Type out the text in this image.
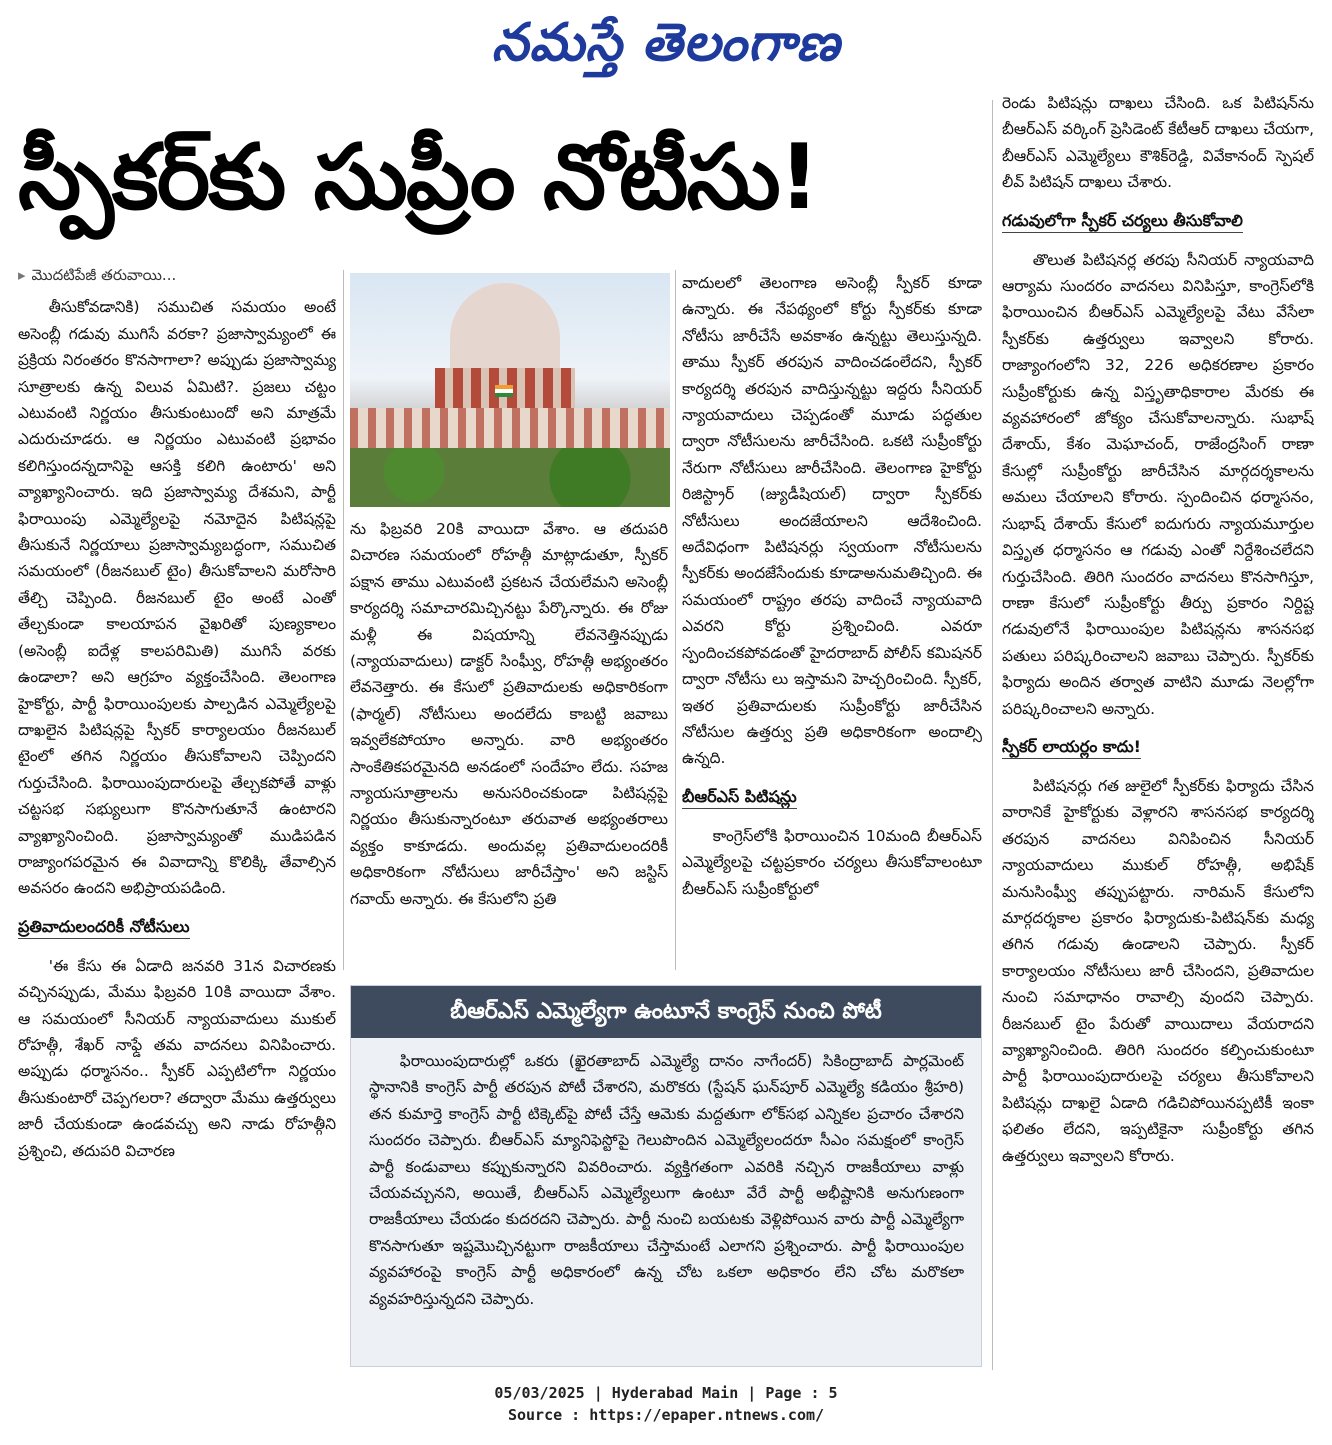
నమస్తే తెలంగాణ
స్పీకర్‌కు సుప్రీం నోటీసు!

▸ మొదటిపేజీ తరువాయి...

తీసుకోవడానికి) సముచిత సమయం అంటే అసెంబ్లీ గడువు ముగిసే వరకా? ప్రజాస్వామ్యంలో ఈ ప్రక్రియ నిరంతరం కొనసాగాలా? అప్పుడు ప్రజాస్వామ్య సూత్రాలకు ఉన్న విలువ ఏమిటి?. ప్రజలు చట్టం ఎటువంటి నిర్ణయం తీసుకుంటుందో అని మాత్రమే ఎదురుచూడరు. ఆ నిర్ణయం ఎటువంటి ప్రభావం కలిగిస్తుందన్నదానిపై ఆసక్తి కలిగి ఉంటారు' అని వ్యాఖ్యానించారు. ఇది ప్రజాస్వామ్య దేశమని, పార్టీ ఫిరాయింపు ఎమ్మెల్యేలపై నమోదైన పిటిషన్లపై తీసుకునే నిర్ణయాలు ప్రజాస్వామ్యబద్ధంగా, సముచిత సమయంలో (రీజనబుల్ టైం) తీసుకోవాలని మరోసారి తేల్చి చెప్పింది. రీజనబుల్ టైం అంటే ఎంతో తేల్చకుండా కాలయాపన వైఖరితో పుణ్యకాలం (అసెంబ్లీ ఐదేళ్ల కాలపరిమితి) ముగిసే వరకు ఉండాలా? అని ఆగ్రహం వ్యక్తంచేసింది. తెలంగాణ హైకోర్టు, పార్టీ ఫిరాయింపులకు పాల్పడిన ఎమ్మెల్యేలపై దాఖలైన పిటిషన్లపై స్పీకర్ కార్యాలయం రీజనబుల్ టైంలో తగిన నిర్ణయం తీసుకోవాలని చెప్పిందని గుర్తుచేసింది. ఫిరాయింపుదారులపై తేల్చకపోతే వాళ్లు చట్టసభ సభ్యులుగా కొనసాగుతూనే ఉంటారని వ్యాఖ్యానించింది. ప్రజాస్వామ్యంతో ముడిపడిన రాజ్యాంగపరమైన ఈ వివాదాన్ని కొలిక్కి తేవాల్సిన అవసరం ఉందని అభిప్రాయపడింది.

ప్రతివాదులందరికీ నోటీసులు

'ఈ కేసు ఈ ఏడాది జనవరి 31న విచారణకు వచ్చినప్పుడు, మేము ఫిబ్రవరి 10కి వాయిదా వేశాం. ఆ సమయంలో సీనియర్ న్యాయవాదులు ముకుల్ రోహత్గీ, శేఖర్ నాఫ్డే తమ వాదనలు వినిపించారు. అప్పుడు ధర్మాసనం.. స్పీకర్ ఎప్పటిలోగా నిర్ణయం తీసుకుంటారో చెప్పగలరా? తద్వారా మేము ఉత్తర్వులు జారీ చేయకుండా ఉండవచ్చు అని నాడు రోహత్గీని ప్రశ్నించి, తదుపరి విచారణ

ను ఫిబ్రవరి 20కి వాయిదా వేశాం. ఆ తదుపరి విచారణ సమయంలో రోహత్గీ మాట్లాడుతూ, స్పీకర్ పక్షాన తాము ఎటువంటి ప్రకటన చేయలేమని అసెంబ్లీ కార్యదర్శి సమాచారమిచ్చినట్టు పేర్కొన్నారు. ఈ రోజు మళ్లీ ఈ విషయాన్ని లేవనెత్తినప్పుడు (న్యాయవాదులు) డాక్టర్ సింఘ్వీ, రోహత్గీ అభ్యంతరం లేవనెత్తారు. ఈ కేసులో ప్రతివాదులకు అధికారికంగా (ఫార్మల్) నోటీసులు అందలేదు కాబట్టి జవాబు ఇవ్వలేకపోయాం అన్నారు. వారి అభ్యంతరం సాంకేతికపరమైనది అనడంలో సందేహం లేదు. సహజ న్యాయసూత్రాలను అనుసరించకుండా పిటిషన్లపై నిర్ణయం తీసుకున్నారంటూ తరువాత అభ్యంతరాలు వ్యక్తం కాకూడదు. అందువల్ల ప్రతివాదులందరికీ అధికారికంగా నోటీసులు జారీచేస్తాం' అని జస్టిస్ గవాయ్ అన్నారు. ఈ కేసులోని ప్రతి

వాదులలో తెలంగాణ అసెంబ్లీ స్పీకర్ కూడా ఉన్నారు. ఈ నేపథ్యంలో కోర్టు స్పీకర్‌కు కూడా నోటీసు జారీచేసే అవకాశం ఉన్నట్టు తెలుస్తున్నది. తాము స్పీకర్ తరపున వాదించడంలేదని, స్పీకర్ కార్యదర్శి తరపున వాదిస్తున్నట్టు ఇద్దరు సీనియర్ న్యాయవాదులు చెప్పడంతో మూడు పద్ధతుల ద్వారా నోటీసులను జారీచేసింది. ఒకటి సుప్రీంకోర్టు నేరుగా నోటీసులు జారీచేసింది. తెలంగాణ హైకోర్టు రిజిస్ట్రార్ (జ్యుడీషియల్) ద్వారా స్పీకర్‌కు నోటీసులు అందజేయాలని ఆదేశించింది. అదేవిధంగా పిటిషనర్లు స్వయంగా నోటీసులను స్పీకర్‌కు అందజేసేందుకు కూడాఅనుమతిచ్చింది. ఈ సమయంలో రాష్ట్రం తరపు వాదించే న్యాయవాది ఎవరని కోర్టు ప్రశ్నించింది. ఎవరూ స్పందించకపోవడంతో హైదరాబాద్ పోలీస్ కమిషనర్ ద్వారా నోటీసు లు ఇస్తామని హెచ్చరించింది. స్పీకర్, ఇతర ప్రతివాదులకు సుప్రీంకోర్టు జారీచేసిన నోటీసుల ఉత్తర్వు ప్రతి అధికారికంగా అందాల్సి ఉన్నది.

బీఆర్ఎస్ పిటిషన్లు

కాంగ్రెస్‌లోకి ఫిరాయించిన 10మంది బీఆర్ఎస్ ఎమ్మెల్యేలపై చట్టప్రకారం చర్యలు తీసుకోవాలంటూ బీఆర్ఎస్ సుప్రీంకోర్టులో

రెండు పిటిషన్లు దాఖలు చేసింది. ఒక పిటిషన్‌ను బీఆర్ఎస్ వర్కింగ్ ప్రెసిడెంట్ కేటీఆర్ దాఖలు చేయగా, బీఆర్ఎస్ ఎమ్మెల్యేలు కౌశిక్‌రెడ్డి, వివేకానంద్ స్పెషల్ లీవ్ పిటిషన్ దాఖలు చేశారు.

గడువులోగా స్పీకర్ చర్యలు తీసుకోవాలి

తొలుత పిటిషనర్ల తరపు సీనియర్ న్యాయవాది ఆర్యామ సుందరం వాదనలు వినిపిస్తూ, కాంగ్రెస్‌లోకి ఫిరాయించిన బీఆర్ఎస్ ఎమ్మెల్యేలపై వేటు వేసేలా స్పీకర్‌కు ఉత్తర్వులు ఇవ్వాలని కోరారు. రాజ్యాంగంలోని 32, 226 అధికరణాల ప్రకారం సుప్రీంకోర్టుకు ఉన్న విస్తృతాధికారాల మేరకు ఈ వ్యవహారంలో జోక్యం చేసుకోవాలన్నారు. సుభాష్ దేశాయ్, కేశం మెఘాచంద్, రాజేంద్రసింగ్ రాణా కేసుల్లో సుప్రీంకోర్టు జారీచేసిన మార్గదర్శకాలను అమలు చేయాలని కోరారు. స్పందించిన ధర్మాసనం, సుభాష్ దేశాయ్ కేసులో ఐదుగురు న్యాయమూర్తుల విస్తృత ధర్మాసనం ఆ గడువు ఎంతో నిర్దేశించలేదని గుర్తుచేసింది. తిరిగి సుందరం వాదనలు కొనసాగిస్తూ, రాణా కేసులో సుప్రీంకోర్టు తీర్పు ప్రకారం నిర్దిష్ట గడువులోనే ఫిరాయింపుల పిటిషన్లను శాసనసభ పతులు పరిష్కరించాలని జవాబు చెప్పారు. స్పీకర్‌కు ఫిర్యాదు అందిన తర్వాత వాటిని మూడు నెలల్లోగా పరిష్కరించాలని అన్నారు.

స్పీకర్ లాయర్లం కాదు!

పిటిషనర్లు గత జులైలో స్పీకర్‌కు ఫిర్యాదు చేసిన వారానికే హైకోర్టుకు వెళ్లారని శాసనసభ కార్యదర్శి తరపున వాదనలు వినిపించిన సీనియర్ న్యాయవాదులు ముకుల్ రోహత్గీ, అభిషేక్ మనుసింఘ్వీ తప్పుపట్టారు. నారిమన్ కేసులోని మార్గదర్శకాల ప్రకారం ఫిర్యాదుకు-పిటిషన్‌కు మధ్య తగిన గడువు ఉండాలని చెప్పారు. స్పీకర్ కార్యాలయం నోటీసులు జారీ చేసిందని, ప్రతివాదుల నుంచి సమాధానం రావాల్సి వుందని చెప్పారు. రీజనబుల్ టైం పేరుతో వాయిదాలు వేయరాదని వ్యాఖ్యానించింది. తిరిగి సుందరం కల్పించుకుంటూ పార్టీ ఫిరాయింపుదారులపై చర్యలు తీసుకోవాలని పిటిషన్లు దాఖలై ఏడాది గడిచిపోయినప్పటికీ ఇంకా ఫలితం లేదని, ఇప్పటికైనా సుప్రీంకోర్టు తగిన ఉత్తర్వులు ఇవ్వాలని కోరారు.

బీఆర్ఎస్ ఎమ్మెల్యేగా ఉంటూనే కాంగ్రెస్ నుంచి పోటీ

ఫిరాయింపుదారుల్లో ఒకరు (ఖైరతాబాద్ ఎమ్మెల్యే దానం నాగేందర్) సికింద్రాబాద్ పార్లమెంట్ స్థానానికి కాంగ్రెస్ పార్టీ తరపున పోటీ చేశారని, మరొకరు (స్టేషన్ ఘన్‌పూర్ ఎమ్మెల్యే కడియం శ్రీహరి) తన కుమార్తె కాంగ్రెస్ పార్టీ టిక్కెట్‌పై పోటీ చేస్తే ఆమెకు మద్దతుగా లోక్‌సభ ఎన్నికల ప్రచారం చేశారని సుందరం చెప్పారు. బీఆర్ఎస్ మ్యానిఫెస్టోపై గెలుపొందిన ఎమ్మెల్యేలందరూ సీఎం సమక్షంలో కాంగ్రెస్ పార్టీ కండువాలు కప్పుకున్నారని వివరించారు. వ్యక్తిగతంగా ఎవరికి నచ్చిన రాజకీయాలు వాళ్లు చేయవచ్చునని, అయితే, బీఆర్ఎస్ ఎమ్మెల్యేలుగా ఉంటూ వేరే పార్టీ అభీష్టానికి అనుగుణంగా రాజకీయాలు చేయడం కుదరదని చెప్పారు. పార్టీ నుంచి బయటకు వెళ్లిపోయిన వారు పార్టీ ఎమ్మెల్యేగా కొనసాగుతూ ఇష్టమొచ్చినట్టుగా రాజకీయాలు చేస్తామంటే ఎలాగని ప్రశ్నించారు. పార్టీ ఫిరాయింపుల వ్యవహారంపై కాంగ్రెస్ పార్టీ అధికారంలో ఉన్న చోట ఒకలా అధికారం లేని చోట మరొకలా వ్యవహరిస్తున్నదని చెప్పారు.

05/03/2025 | Hyderabad Main | Page : 5
Source : https://epaper.ntnews.com/
